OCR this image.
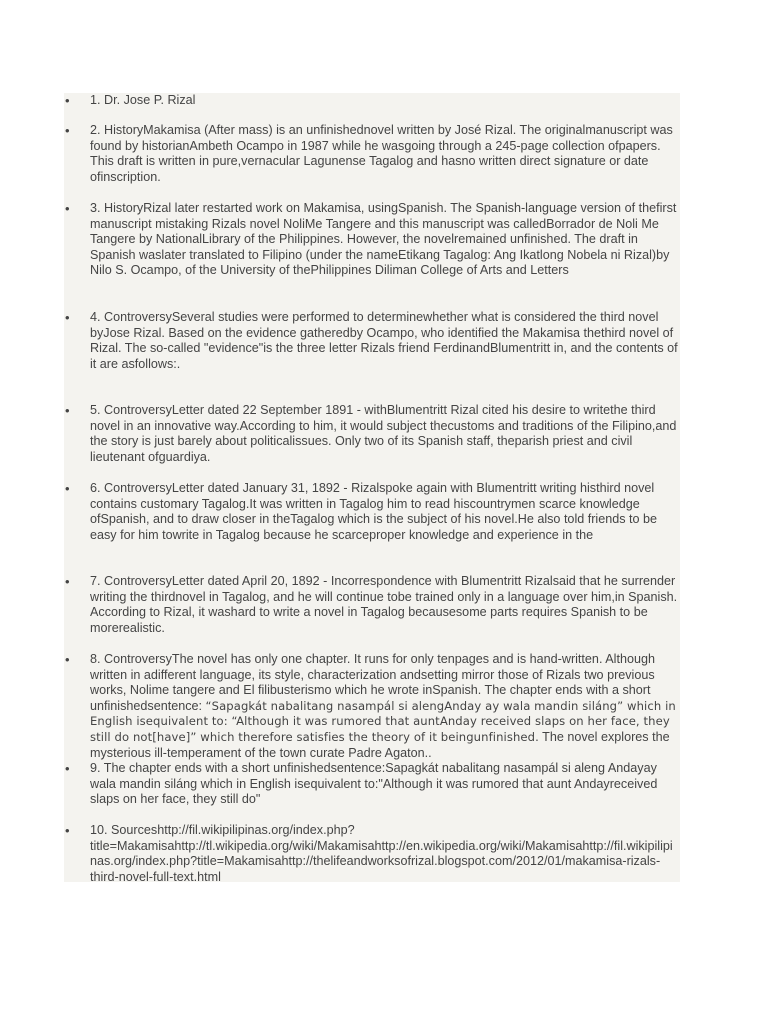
• 1. Dr. Jose P. Rizal
• 2. HistoryMakamisa (After mass) is an unfinishednovel written by José Rizal. The originalmanuscript was found by historianAmbeth Ocampo in 1987 while he wasgoing through a 245-page collection ofpapers. This draft is written in pure,vernacular Lagunense Tagalog and hasno written direct signature or date ofinscription.
• 3. HistoryRizal later restarted work on Makamisa, usingSpanish. The Spanish-language version of thefirst manuscript mistaking Rizals novel NoliMe Tangere and this manuscript was calledBorrador de Noli Me Tangere by NationalLibrary of the Philippines. However, the novelremained unfinished. The draft in Spanish waslater translated to Filipino (under the nameEtikang Tagalog: Ang Ikatlong Nobela ni Rizal)by Nilo S. Ocampo, of the University of thePhilippines Diliman College of Arts and Letters
• 4. ControversySeveral studies were performed to determinewhether what is considered the third novel byJose Rizal. Based on the evidence gatheredby Ocampo, who identified the Makamisa thethird novel of Rizal. The so-called "evidence"is the three letter Rizals friend FerdinandBlumentritt in, and the contents of it are asfollows:.
• 5. ControversyLetter dated 22 September 1891 - withBlumentritt Rizal cited his desire to writethe third novel in an innovative way.According to him, it would subject thecustoms and traditions of the Filipino,and the story is just barely about politicalissues. Only two of its Spanish staff, theparish priest and civil lieutenant ofguardiya.
• 6. ControversyLetter dated January 31, 1892 - Rizalspoke again with Blumentritt writing histhird novel contains customary Tagalog.It was written in Tagalog him to read hiscountrymen scarce knowledge ofSpanish, and to draw closer in theTagalog which is the subject of his novel.He also told friends to be easy for him towrite in Tagalog because he scarceproper knowledge and experience in the
• 7. ControversyLetter dated April 20, 1892 - Incorrespondence with Blumentritt Rizalsaid that he surrender writing the thirdnovel in Tagalog, and he will continue tobe trained only in a language over him,in Spanish. According to Rizal, it washard to write a novel in Tagalog becausesome parts requires Spanish to be morerealistic.
• 8. ControversyThe novel has only one chapter. It runs for only tenpages and is hand-written. Although written in adifferent language, its style, characterization andsetting mirror those of Rizals two previous works, Nolime tangere and El filibusterismo which he wrote inSpanish. The chapter ends with a short unfinishedsentence: “Sapagkát nabalitang nasampál si alengAnday ay wala mandin siláng” which in English isequivalent to: “Although it was rumored that auntAnday received slaps on her face, they still do not[have]” which therefore satisfies the theory of it beingunfinished. The novel explores the mysterious ill-temperament of the town curate Padre Agaton..
• 9. The chapter ends with a short unfinishedsentence:Sapagkát nabalitang nasampál si aleng Andayay wala mandin siláng which in English isequivalent to:"Although it was rumored that aunt Andayreceived slaps on her face, they still do"
• 10. Sourceshttp://fil.wikipilipinas.org/index.php?title=Makamisahttp://tl.wikipedia.org/wiki/Makamisahttp://en.wikipedia.org/wiki/Makamisahttp://fil.wikipilipinas.org/index.php?title=Makamisahttp://thelifeandworksofrizal.blogspot.com/2012/01/makamisa-rizals-third-novel-full-text.html
